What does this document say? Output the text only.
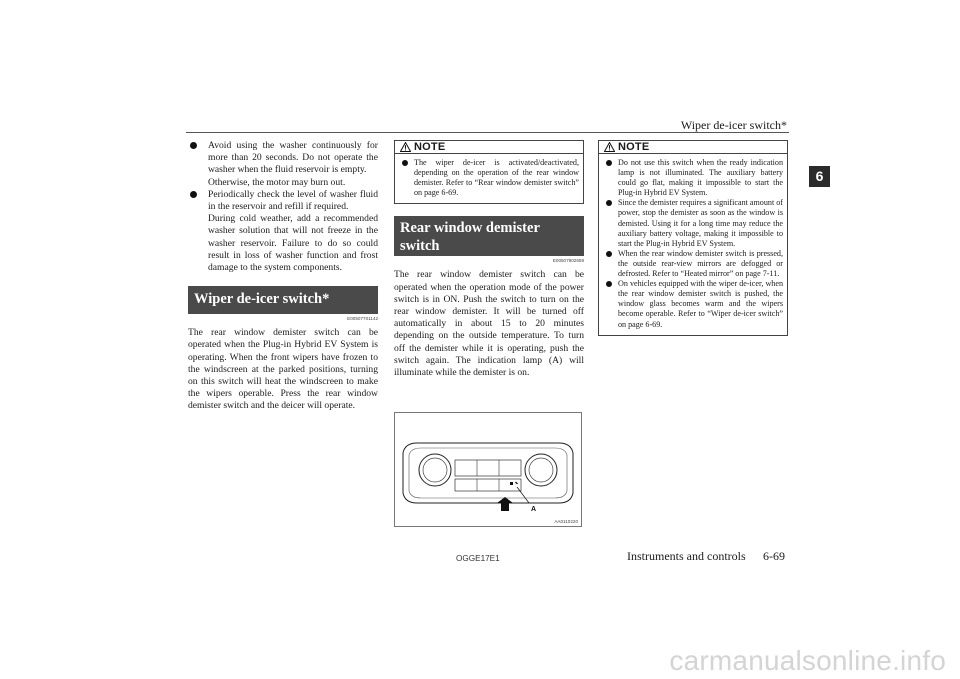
Wiper de-icer switch*
6

Avoid using the washer continuously for more than 20 seconds. Do not operate the washer when the fluid reservoir is empty.

Otherwise, the motor may burn out.

Periodically check the level of washer fluid in the reservoir and refill if required.

During cold weather, add a recommended washer solution that will not freeze in the washer reservoir. Failure to do so could result in loss of washer function and frost damage to the system components.

Wiper de-icer switch*
E00507701142

The rear window demister switch can be operated when the Plug-in Hybrid EV System is operating. When the front wipers have frozen to the windscreen at the parked positions, turning on this switch will heat the windscreen to make the wipers operable. Press the rear window demister switch and the deicer will operate.

NOTE
The wiper de-icer is activated/deactivated, depending on the operation of the rear window demister. Refer to “Rear window demister switch” on page 6-69.
Rear window demister switch
E00507902659

The rear window demister switch can be operated when the operation mode of the power switch is in ON. Push the switch to turn on the rear window demister. It will be turned off automatically in about 15 to 20 minutes depending on the outside temperature. To turn off the demister while it is operating, push the switch again. The indication lamp (A) will illuminate while the demister is on.

A
AA0110220
NOTE
Do not use this switch when the ready indication lamp is not illuminated. The auxiliary battery could go flat, making it impossible to start the Plug-in Hybrid EV System.
Since the demister requires a significant amount of power, stop the demister as soon as the window is demisted. Using it for a long time may reduce the auxiliary battery voltage, making it impossible to start the Plug-in Hybrid EV System.
When the rear window demister switch is pressed, the outside rear-view mirrors are defogged or defrosted. Refer to “Heated mirror” on page 7-11.
On vehicles equipped with the wiper de-icer, when the rear window demister switch is pushed, the window glass becomes warm and the wipers become operable. Refer to “Wiper de-icer switch” on page 6-69.
OGGE17E1	Instruments and controls 6-69
carmanualsonline.info
